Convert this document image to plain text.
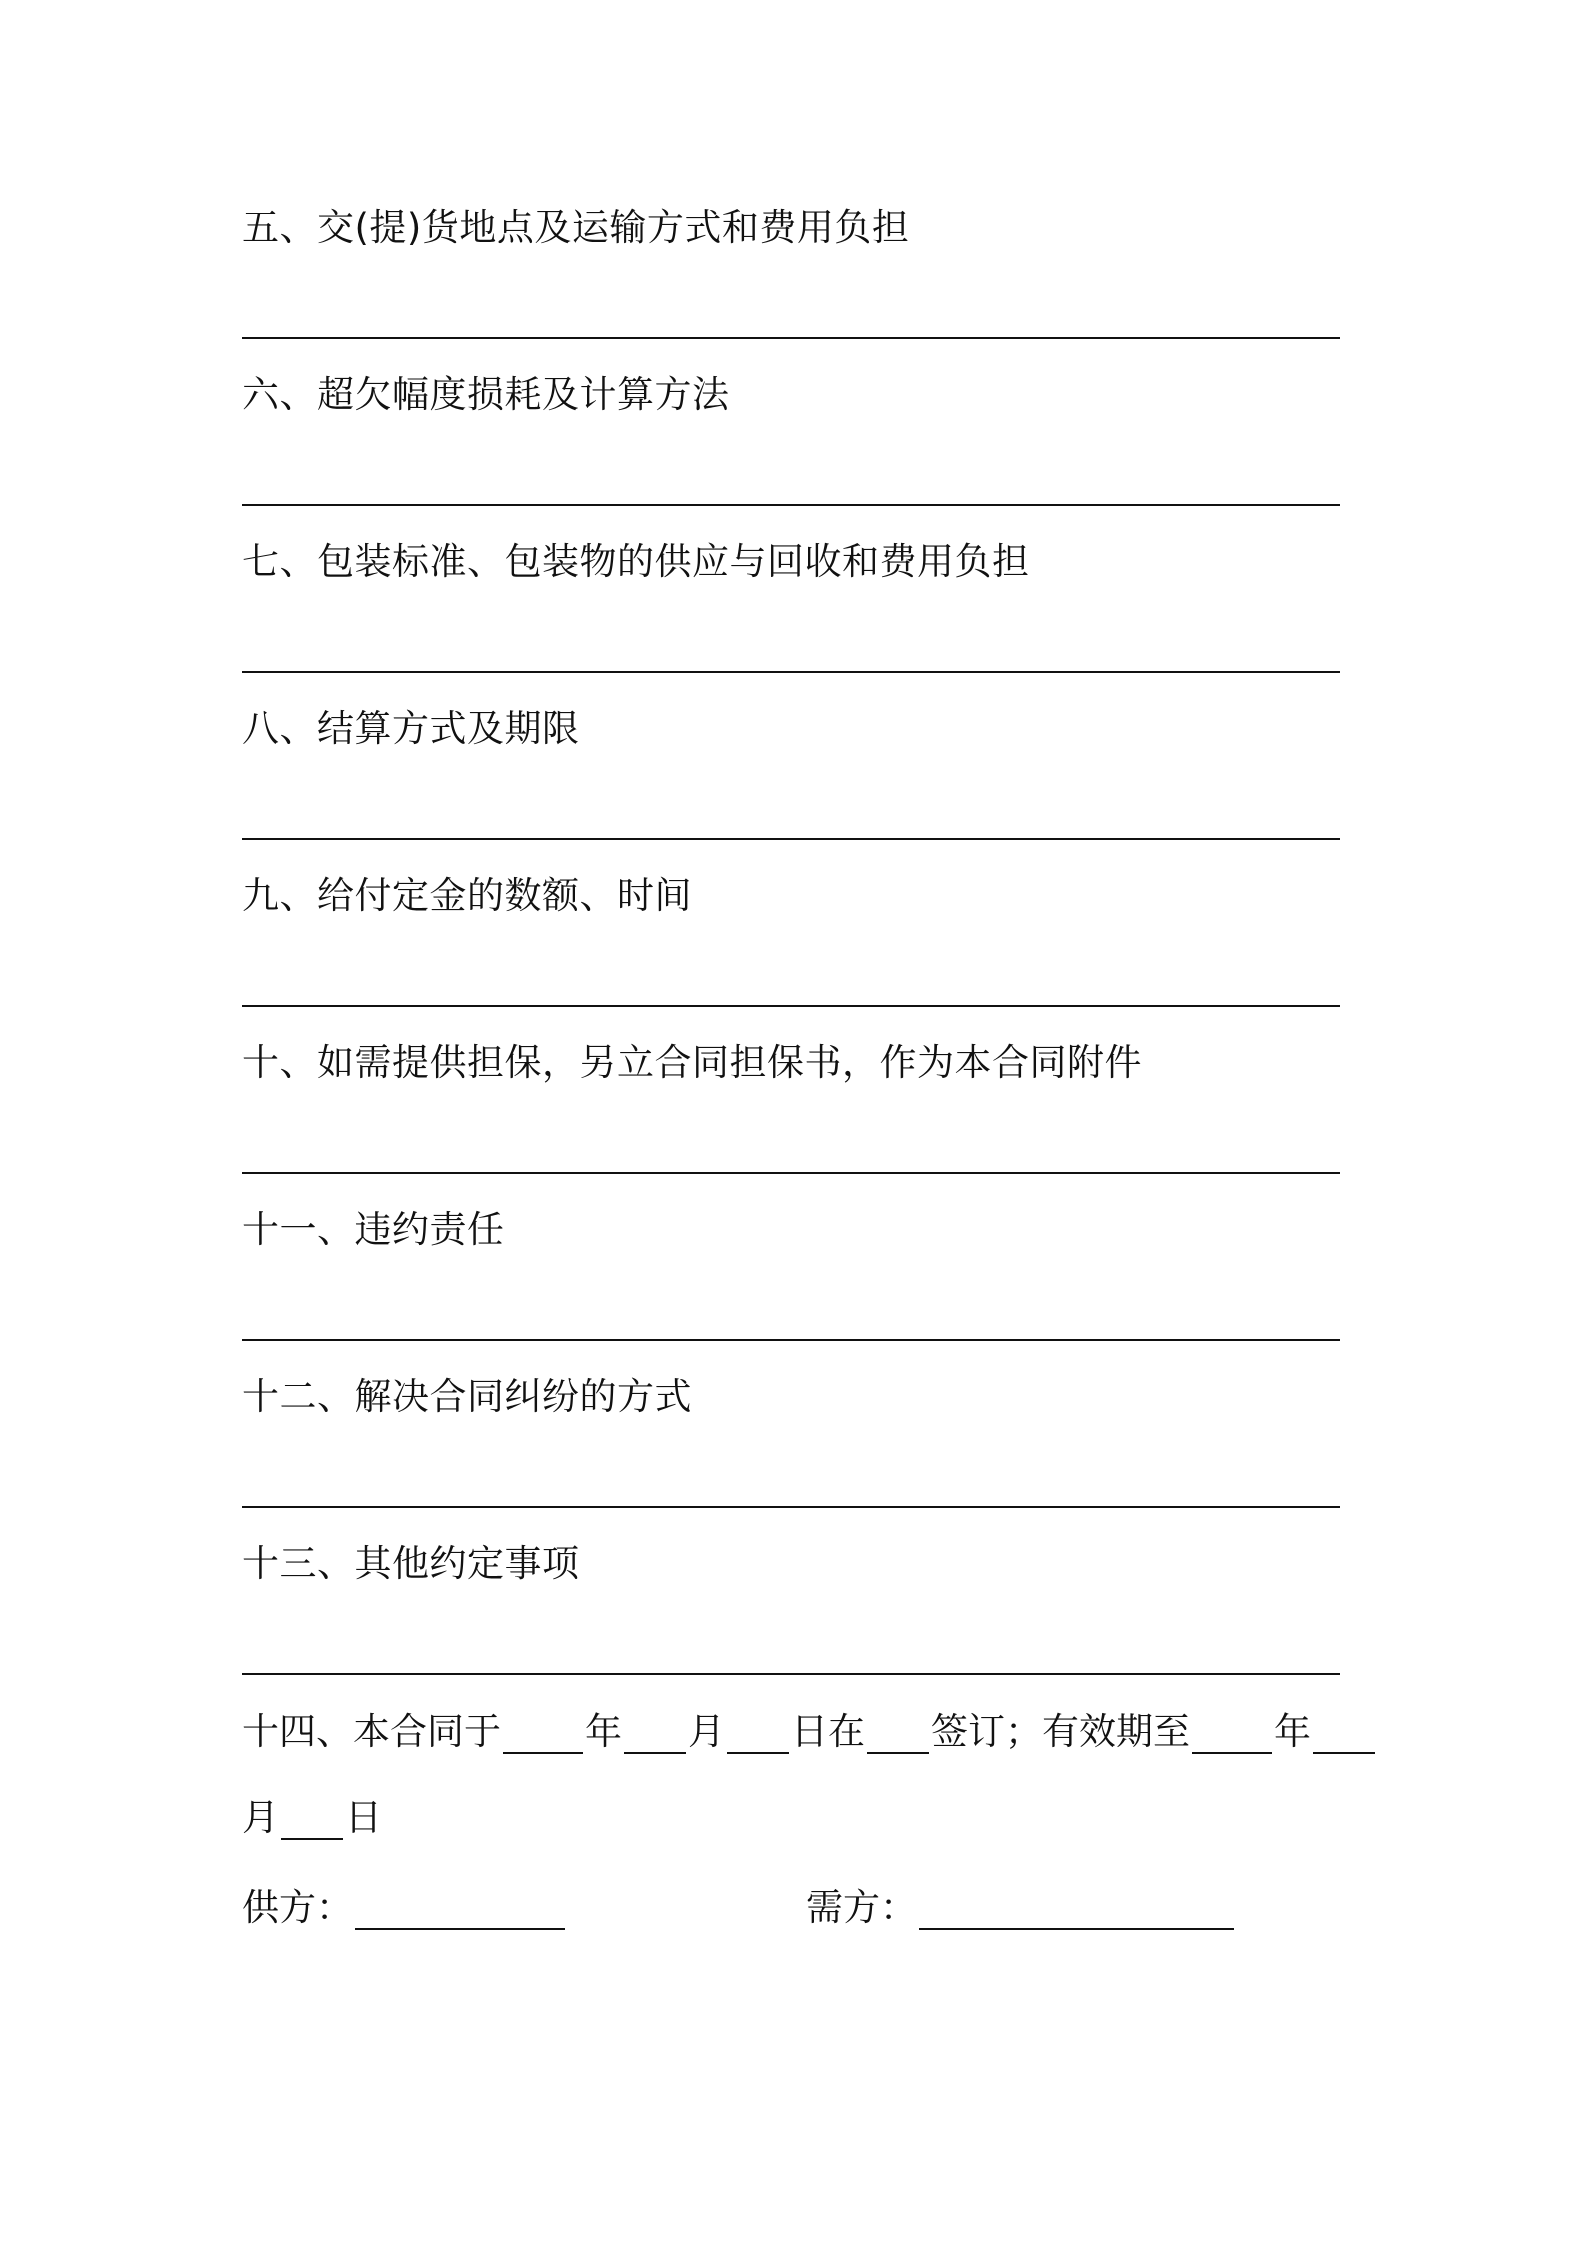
五、交(提)货地点及运输方式和费用负担
六、超欠幅度损耗及计算方法
七、包装标准、包装物的供应与回收和费用负担
八、结算方式及期限
九、给付定金的数额、时间
十、如需提供担保，另立合同担保书，作为本合同附件
十一、违约责任
十二、解决合同纠纷的方式
十三、其他约定事项
十四、本合同于 年 月 日在 签订；有效期至 年
月 日
供方：	需方：
